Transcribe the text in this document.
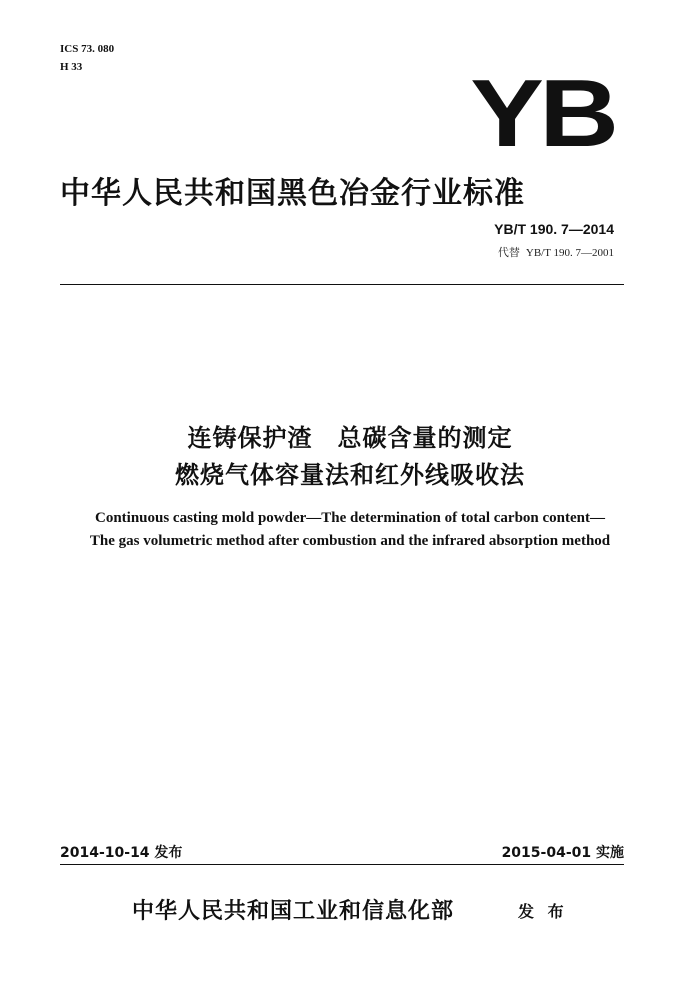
ICS 73. 080
H 33	YB
中华人民共和国黑色冶金行业标准
YB/T 190. 7—2014
代替 YB/T 190. 7—2001
连铸保护渣　总碳含量的测定
燃烧气体容量法和红外线吸收法
Continuous casting mold powder—The determination of total carbon content—
The gas volumetric method after combustion and the infrared absorption method
2014-10-14 发布	2015-04-01 实施
中华人民共和国工业和信息化部	发 布
